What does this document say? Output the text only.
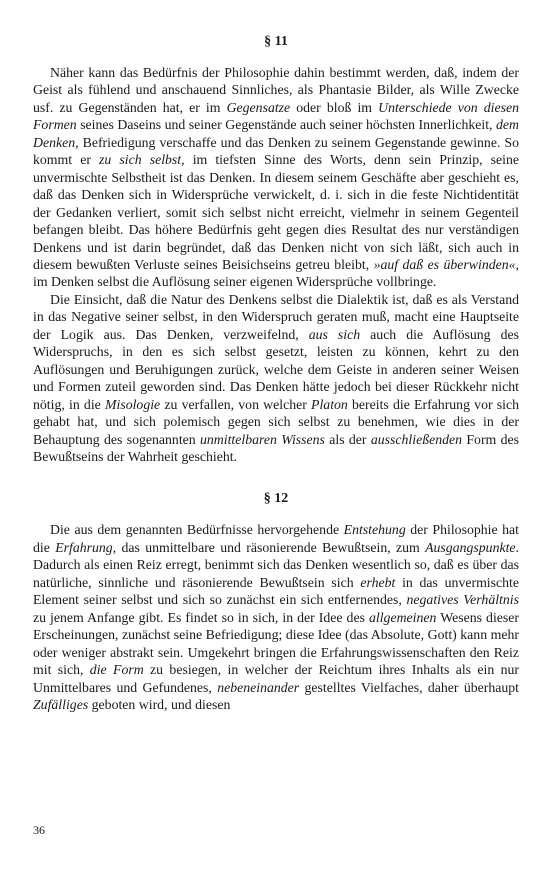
§ 11

Näher kann das Bedürfnis der Philosophie dahin bestimmt werden, daß, indem der Geist als fühlend und anschauend Sinnliches, als Phantasie Bilder, als Wille Zwecke usf. zu Gegenständen hat, er im Gegensatze oder bloß im Unterschiede von diesen Formen seines Daseins und seiner Gegenstände auch seiner höchsten Innerlichkeit, dem Denken, Befriedigung verschaffe und das Denken zu seinem Gegenstande gewinne. So kommt er zu sich selbst, im tiefsten Sinne des Worts, denn sein Prinzip, seine unvermischte Selbstheit ist das Denken. In diesem seinem Geschäfte aber geschieht es, daß das Denken sich in Widersprüche verwickelt, d. i. sich in die feste Nichtidentität der Gedanken verliert, somit sich selbst nicht erreicht, vielmehr in seinem Gegenteil befangen bleibt. Das höhere Bedürfnis geht gegen dies Resultat des nur verständigen Denkens und ist darin begründet, daß das Denken nicht von sich läßt, sich auch in diesem bewußten Verluste seines Beisichseins getreu bleibt, »auf daß es überwinden«, im Denken selbst die Auflösung seiner eigenen Widersprüche vollbringe.

Die Einsicht, daß die Natur des Denkens selbst die Dialektik ist, daß es als Verstand in das Negative seiner selbst, in den Widerspruch geraten muß, macht eine Hauptseite der Logik aus. Das Denken, verzweifelnd, aus sich auch die Auflösung des Widerspruchs, in den es sich selbst gesetzt, leisten zu können, kehrt zu den Auflösungen und Beruhigungen zurück, welche dem Geiste in anderen seiner Weisen und Formen zuteil geworden sind. Das Denken hätte jedoch bei dieser Rückkehr nicht nötig, in die Misologie zu verfallen, von welcher Platon bereits die Erfahrung vor sich gehabt hat, und sich polemisch gegen sich selbst zu benehmen, wie dies in der Behauptung des sogenannten unmittelbaren Wissens als der ausschließenden Form des Bewußtseins der Wahrheit geschieht.

§ 12

Die aus dem genannten Bedürfnisse hervorgehende Entstehung der Philosophie hat die Erfahrung, das unmittelbare und räsonierende Bewußtsein, zum Ausgangspunkte. Dadurch als einen Reiz erregt, benimmt sich das Denken wesentlich so, daß es über das natürliche, sinnliche und räsonierende Bewußtsein sich erhebt in das unvermischte Element seiner selbst und sich so zunächst ein sich entfernendes, negatives Verhältnis zu jenem Anfange gibt. Es findet so in sich, in der Idee des allgemeinen Wesens dieser Erscheinungen, zunächst seine Befriedigung; diese Idee (das Absolute, Gott) kann mehr oder weniger abstrakt sein. Umgekehrt bringen die Erfahrungswissenschaften den Reiz mit sich, die Form zu besiegen, in welcher der Reichtum ihres Inhalts als ein nur Unmittelbares und Gefundenes, nebeneinander gestelltes Vielfaches, daher überhaupt Zufälliges geboten wird, und diesen

36
